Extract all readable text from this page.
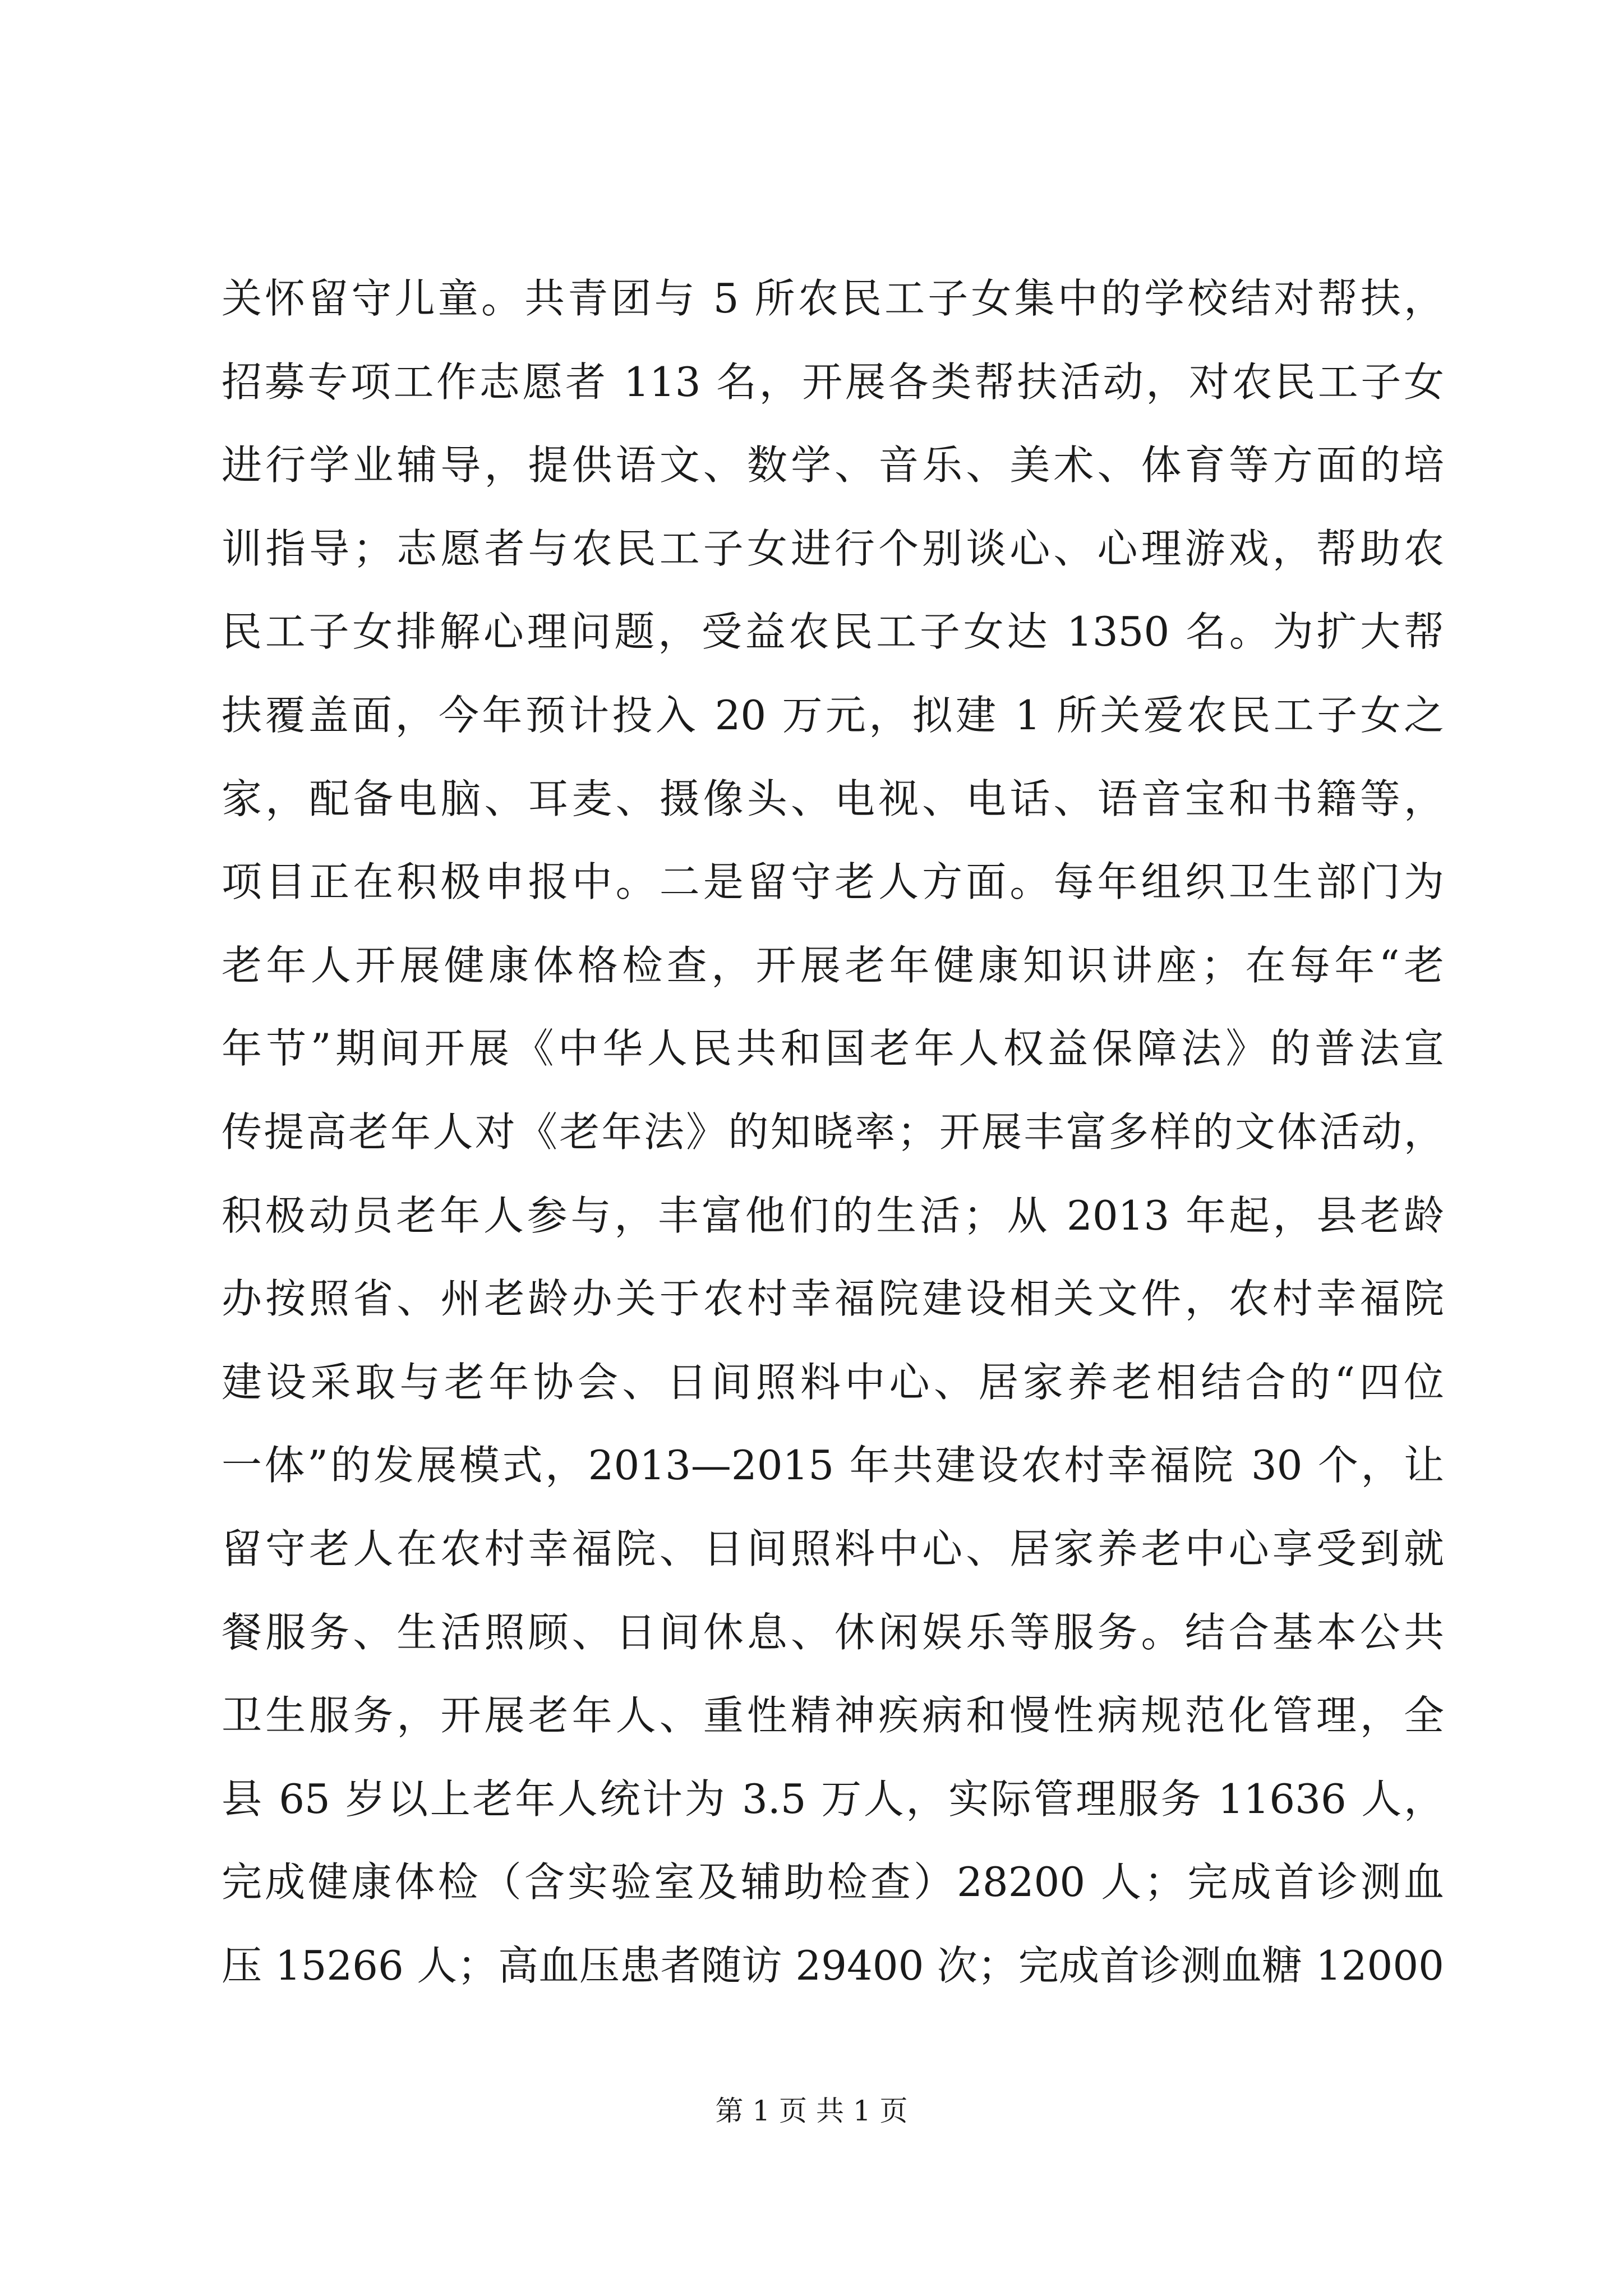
关怀留守儿童。共青团与 5 所农民工子女集中的学校结对帮扶，
招募专项工作志愿者 113 名，开展各类帮扶活动，对农民工子女
进行学业辅导，提供语文、数学、音乐、美术、体育等方面的培
训指导；志愿者与农民工子女进行个别谈心、心理游戏，帮助农
民工子女排解心理问题，受益农民工子女达 1350 名。为扩大帮
扶覆盖面，今年预计投入 20 万元，拟建 1 所关爱农民工子女之
家，配备电脑、耳麦、摄像头、电视、电话、语音宝和书籍等，
项目正在积极申报中。二是留守老人方面。每年组织卫生部门为
老年人开展健康体格检查，开展老年健康知识讲座；在每年“老
年节”期间开展《中华人民共和国老年人权益保障法》的普法宣
传提高老年人对《老年法》的知晓率；开展丰富多样的文体活动，
积极动员老年人参与，丰富他们的生活；从 2013 年起，县老龄
办按照省、州老龄办关于农村幸福院建设相关文件，农村幸福院
建设采取与老年协会、日间照料中心、居家养老相结合的“四位
一体”的发展模式，2013—2015 年共建设农村幸福院 30 个，让
留守老人在农村幸福院、日间照料中心、居家养老中心享受到就
餐服务、生活照顾、日间休息、休闲娱乐等服务。结合基本公共
卫生服务，开展老年人、重性精神疾病和慢性病规范化管理，全
县 65 岁以上老年人统计为 3.5 万人，实际管理服务 11636 人，
完成健康体检（含实验室及辅助检查）28200 人；完成首诊测血
压 15266 人；高血压患者随访 29400 次；完成首诊测血糖 12000
第 1 页 共 1 页
